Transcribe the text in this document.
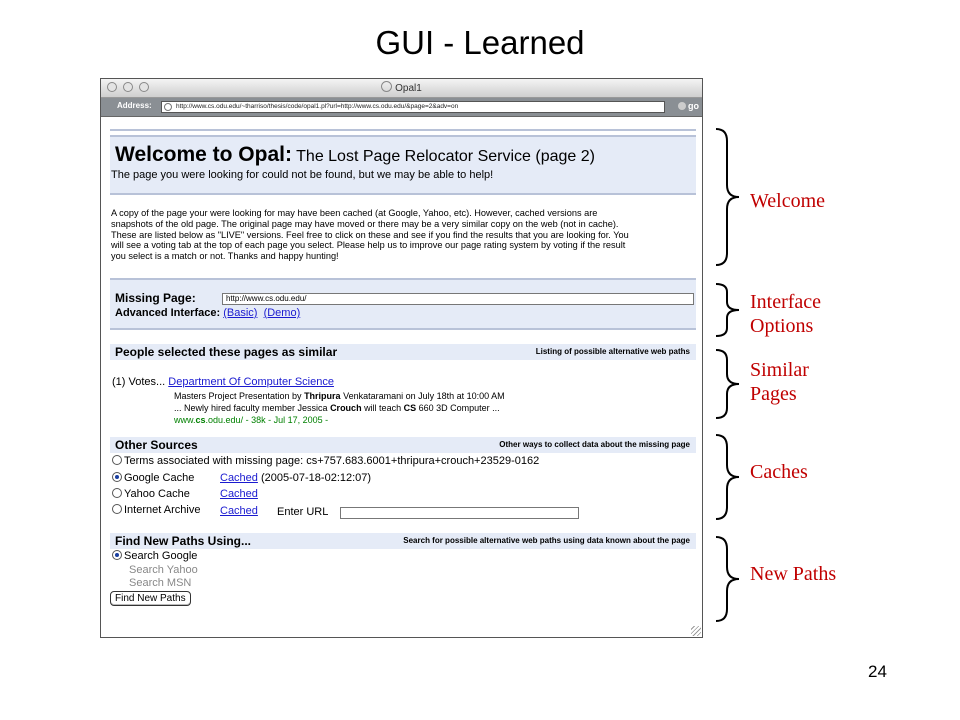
GUI - Learned
Opal1
Address:	http://www.cs.odu.edu/~tharriso/thesis/code/opal1.pl?url=http://www.cs.odu.edu/&page=2&adv=on	go
Welcome to Opal: The Lost Page Relocator Service (page 2)
The page you were looking for could not be found, but we may be able to help!
A copy of the page your were looking for may have been cached (at Google, Yahoo, etc). However, cached versions are
snapshots of the old page. The original page may have moved or there may be a very similar copy on the web (not in cache).
These are listed below as "LIVE" versions. Feel free to click on these and see if you find the results that you are looking for. You
will see a voting tab at the top of each page you select. Please help us to improve our page rating system by voting if the result
you select is a match or not. Thanks and happy hunting!
Missing Page:	http://www.cs.odu.edu/
Advanced Interface: (Basic) (Demo)
People selected these pages as similar	Listing of possible alternative web paths
(1) Votes... Department Of Computer Science
Masters Project Presentation by Thripura Venkataramani on July 18th at 10:00 AM
... Newly hired faculty member Jessica Crouch will teach CS 660 3D Computer ...
www.cs.odu.edu/ - 38k - Jul 17, 2005 -
Other Sources	Other ways to collect data about the missing page
Terms associated with missing page: cs+757.683.6001+thripura+crouch+23529-0162
Google Cache Cached (2005-07-18-02:12:07)
Yahoo Cache	Cached
Internet Archive Cached Enter URL
Find New Paths Using...	Search for possible alternative web paths using data known about the page
Search Google
Search Yahoo
Search MSN
Find New Paths
Welcome
Interface Options
Similar Pages
Caches
New Paths
24
